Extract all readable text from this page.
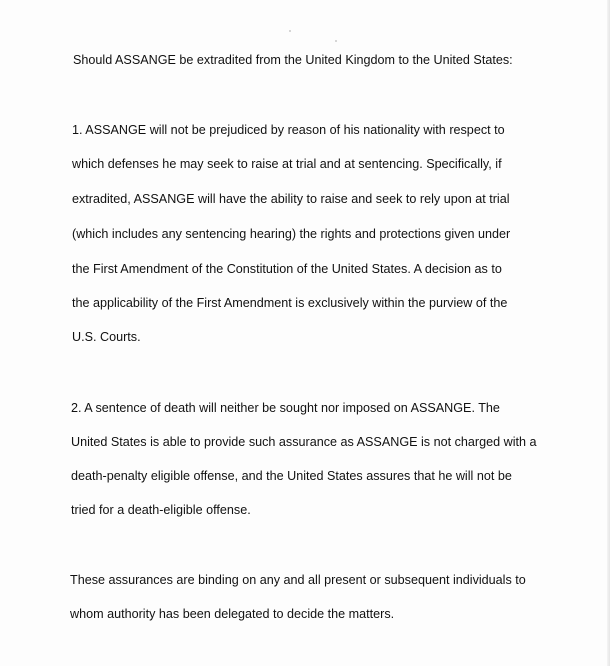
Should ASSANGE be extradited from the United Kingdom to the United States:
1. ASSANGE will not be prejudiced by reason of his nationality with respect to
which defenses he may seek to raise at trial and at sentencing. Specifically, if
extradited, ASSANGE will have the ability to raise and seek to rely upon at trial
(which includes any sentencing hearing) the rights and protections given under
the First Amendment of the Constitution of the United States. A decision as to
the applicability of the First Amendment is exclusively within the purview of the
U.S. Courts.
2. A sentence of death will neither be sought nor imposed on ASSANGE. The
United States is able to provide such assurance as ASSANGE is not charged with a
death-penalty eligible offense, and the United States assures that he will not be
tried for a death-eligible offense.
These assurances are binding on any and all present or subsequent individuals to
whom authority has been delegated to decide the matters.
